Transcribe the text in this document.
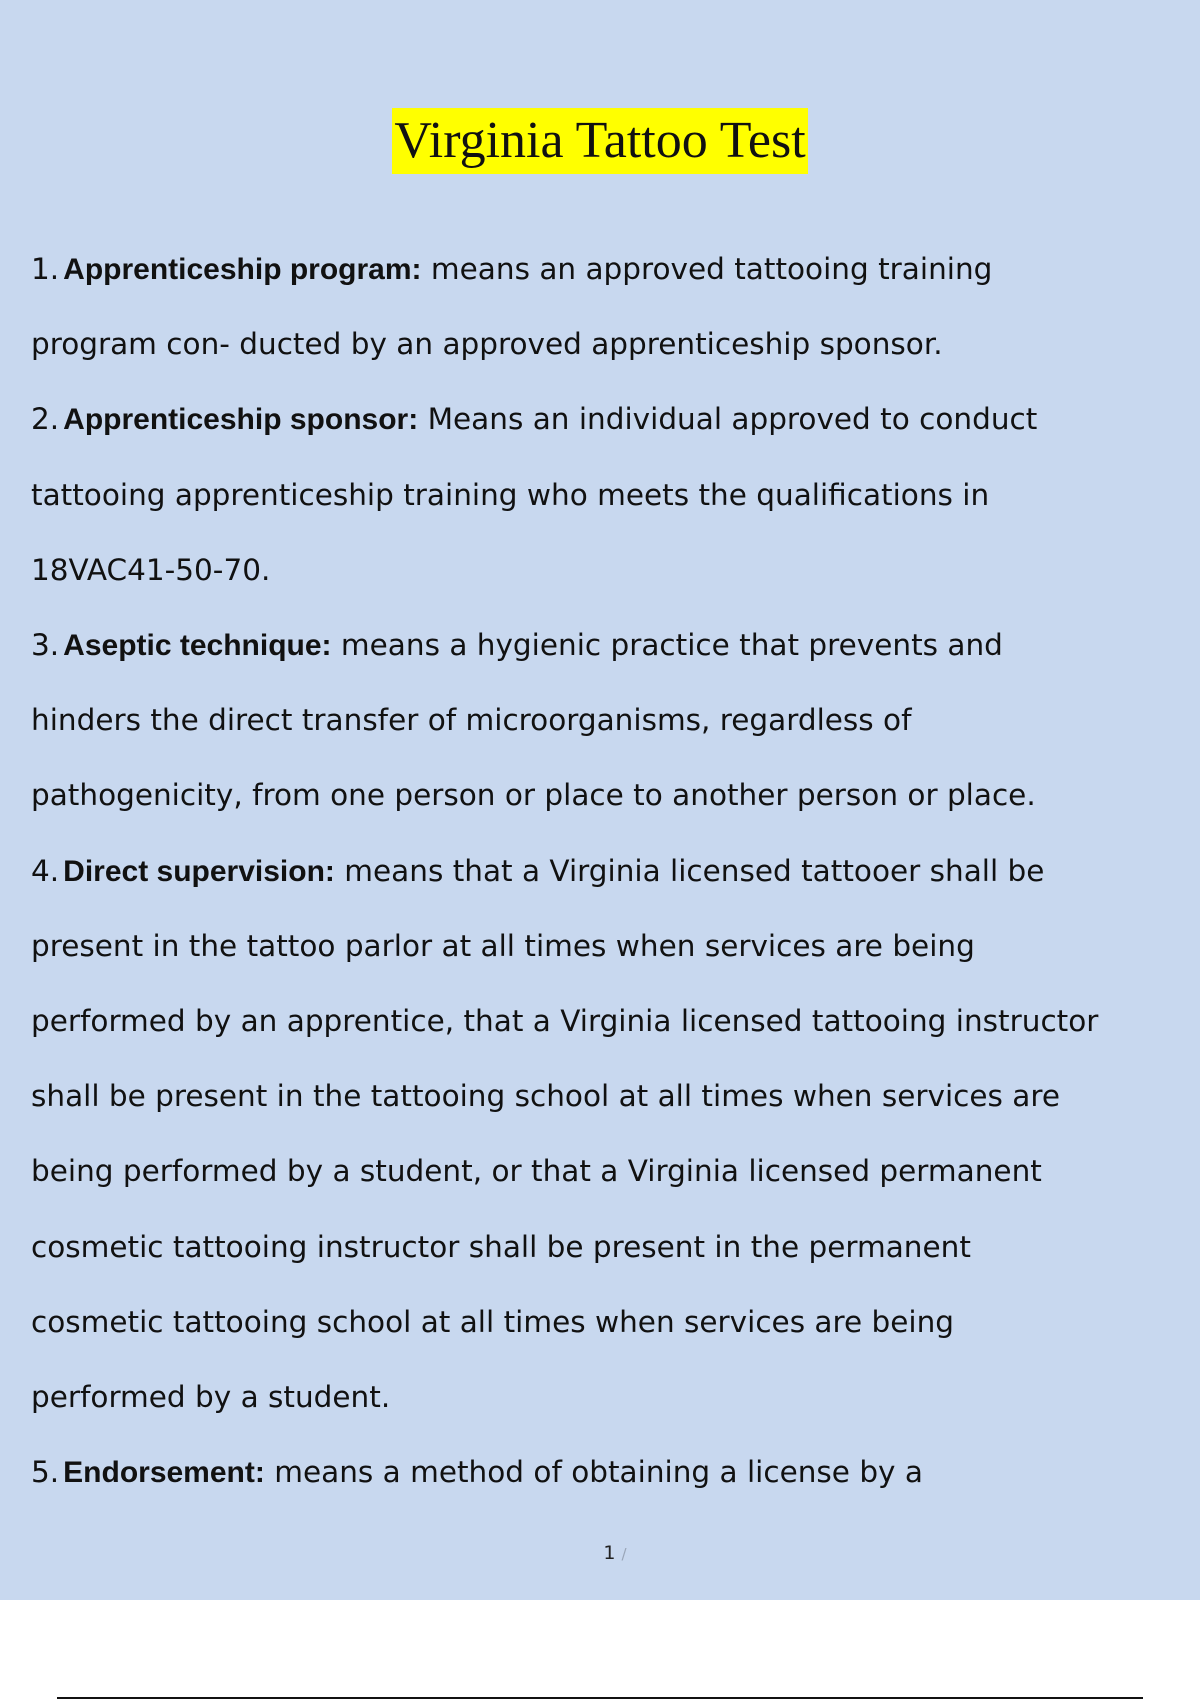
Virginia Tattoo Test
1. Apprenticeship program: means an approved tattooing training
program con- ducted by an approved apprenticeship sponsor.
2. Apprenticeship sponsor: Means an individual approved to conduct
tattooing apprenticeship training who meets the qualifications in
18VAC41-50-70.
3. Aseptic technique: means a hygienic practice that prevents and
hinders the direct transfer of microorganisms, regardless of
pathogenicity, from one person or place to another person or place.
4. Direct supervision: means that a Virginia licensed tattooer shall be
present in the tattoo parlor at all times when services are being
performed by an apprentice, that a Virginia licensed tattooing instructor
shall be present in the tattooing school at all times when services are
being performed by a student, or that a Virginia licensed permanent
cosmetic tattooing instructor shall be present in the permanent
cosmetic tattooing school at all times when services are being
performed by a student.
5. Endorsement: means a method of obtaining a license by a
1 /
